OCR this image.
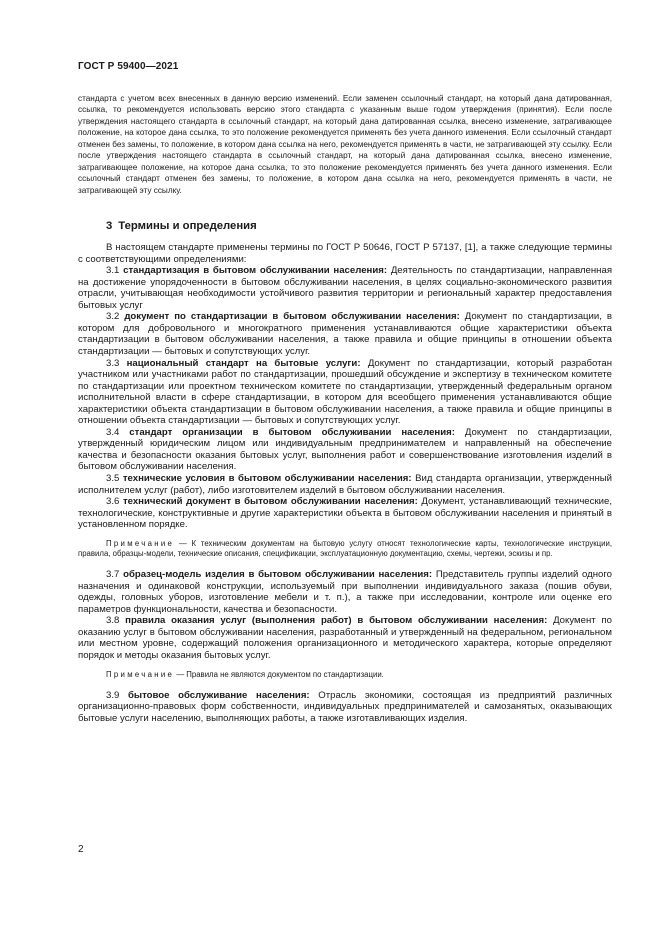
ГОСТ Р 59400—2021

стандарта с учетом всех внесенных в данную версию изменений. Если заменен ссылочный стандарт, на который дана датированная, ссылка, то рекомендуется использовать версию этого стандарта с указанным выше годом утверждения (принятия). Если после утверждения настоящего стандарта в ссылочный стандарт, на который дана датированная ссылка, внесено изменение, затрагивающее положение, на которое дана ссылка, то это положение рекомендуется применять без учета данного изменения. Если ссылочный стандарт отменен без замены, то положение, в котором дана ссылка на него, рекомендуется применять в части, не затрагивающей эту ссылку. Если после утверждения настоящего стандарта в ссылочный стандарт, на который дана датированная ссылка, внесено изменение, затрагивающее положение, на которое дана ссылка, то это положение рекомендуется применять без учета данного изменения. Если ссылочный стандарт отменен без замены, то положение, в котором дана ссылка на него, рекомендуется применять в части, не затрагивающей эту ссылку.

3 Термины и определения

В настоящем стандарте применены термины по ГОСТ Р 50646, ГОСТ Р 57137, [1], а также следующие термины с соответствующими определениями:

3.1 стандартизация в бытовом обслуживании населения: Деятельность по стандартизации, направленная на достижение упорядоченности в бытовом обслуживании населения, в целях социально-экономического развития отрасли, учитывающая необходимости устойчивого развития территории и региональный характер предоставления бытовых услуг

3.2 документ по стандартизации в бытовом обслуживании населения: Документ по стандартизации, в котором для добровольного и многократного применения устанавливаются общие характеристики объекта стандартизации в бытовом обслуживании населения, а также правила и общие принципы в отношении объекта стандартизации — бытовых и сопутствующих услуг.

3.3 национальный стандарт на бытовые услуги: Документ по стандартизации, который разработан участником или участниками работ по стандартизации, прошедший обсуждение и экспертизу в техническом комитете по стандартизации или проектном техническом комитете по стандартизации, утвержденный федеральным органом исполнительной власти в сфере стандартизации, в котором для всеобщего применения устанавливаются общие характеристики объекта стандартизации в бытовом обслуживании населения, а также правила и общие принципы в отношении объекта стандартизации — бытовых и сопутствующих услуг.

3.4 стандарт организации в бытовом обслуживании населения: Документ по стандартизации, утвержденный юридическим лицом или индивидуальным предпринимателем и направленный на обеспечение качества и безопасности оказания бытовых услуг, выполнения работ и совершенствование изготовления изделий в бытовом обслуживании населения.

3.5 технические условия в бытовом обслуживании населения: Вид стандарта организации, утвержденный исполнителем услуг (работ), либо изготовителем изделий в бытовом обслуживании населения.

3.6 технический документ в бытовом обслуживании населения: Документ, устанавливающий технические, технологические, конструктивные и другие характеристики объекта в бытовом обслуживании населения и принятый в установленном порядке.

Примечание — К техническим документам на бытовую услугу относят технологические карты, технологические инструкции, правила, образцы-модели, технические описания, спецификации, эксплуатационную документацию, схемы, чертежи, эскизы и пр.

3.7 образец-модель изделия в бытовом обслуживании населения: Представитель группы изделий одного назначения и одинаковой конструкции, используемый при выполнении индивидуального заказа (пошив обуви, одежды, головных уборов, изготовление мебели и т. п.), а также при исследовании, контроле или оценке его параметров функциональности, качества и безопасности.

3.8 правила оказания услуг (выполнения работ) в бытовом обслуживании населения: Документ по оказанию услуг в бытовом обслуживании населения, разработанный и утвержденный на федеральном, региональном или местном уровне, содержащий положения организационного и методического характера, которые определяют порядок и методы оказания бытовых услуг.

Примечание — Правила не являются документом по стандартизации.

3.9 бытовое обслуживание населения: Отрасль экономики, состоящая из предприятий различных организационно-правовых форм собственности, индивидуальных предпринимателей и самозанятых, оказывающих бытовые услуги населению, выполняющих работы, а также изготавливающих изделия.

2
